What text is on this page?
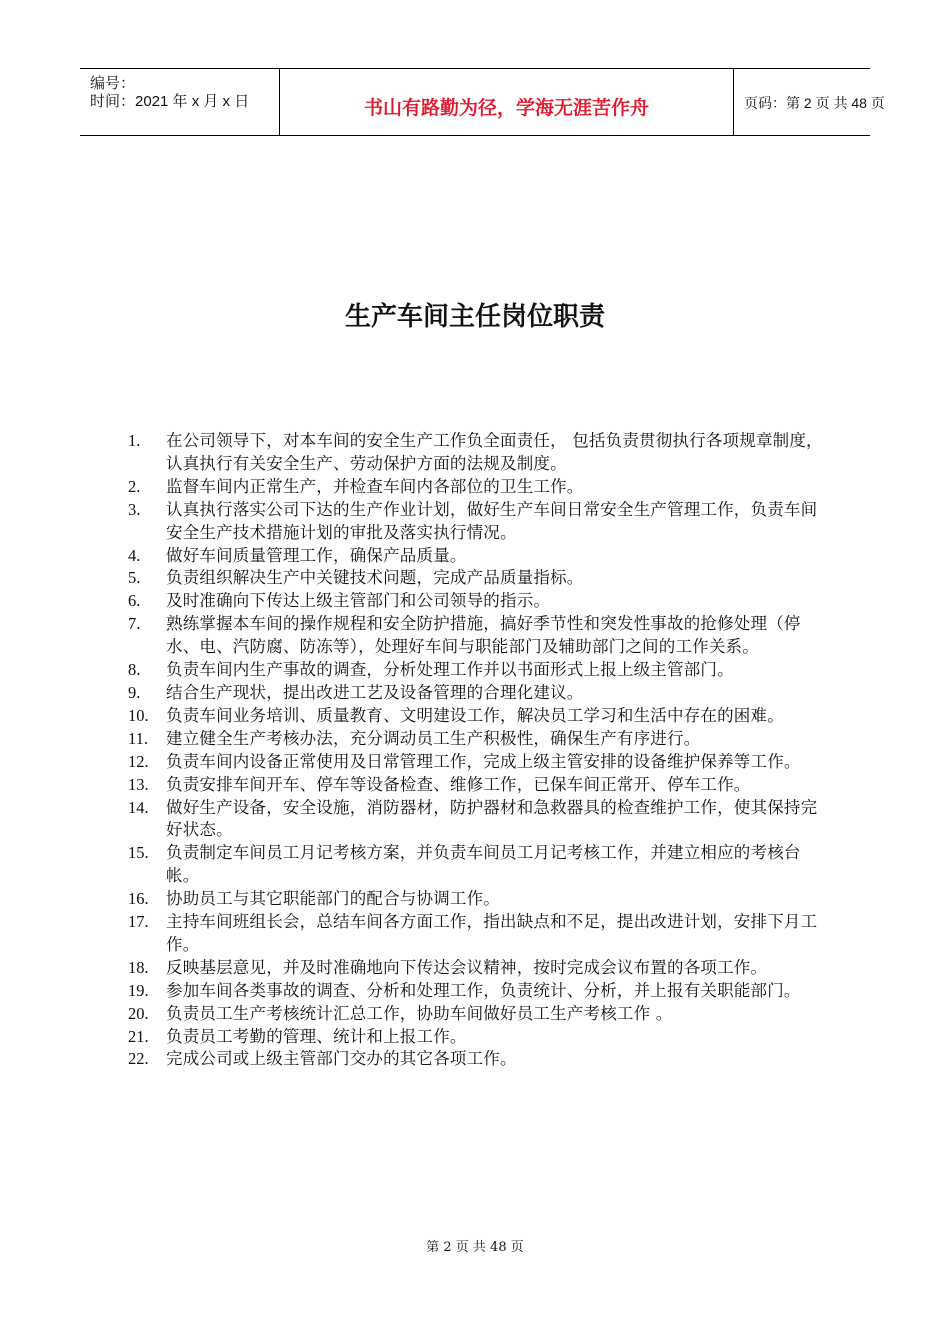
编号：
时间：2021 年 x 月 x 日	书山有路勤为径，学海无涯苦作舟	页码：第 2 页 共 48 页
生产车间主任岗位职责
1.	在公司领导下，对本车间的安全生产工作负全面责任， 包括负责贯彻执行各项规章制度，认真执行有关安全生产、劳动保护方面的法规及制度。
2.	监督车间内正常生产，并检查车间内各部位的卫生工作。
3.	认真执行落实公司下达的生产作业计划，做好生产车间日常安全生产管理工作，负责车间安全生产技术措施计划的审批及落实执行情况。
4.	做好车间质量管理工作，确保产品质量。
5.	负责组织解决生产中关键技术问题，完成产品质量指标。
6.	及时准确向下传达上级主管部门和公司领导的指示。
7.	熟练掌握本车间的操作规程和安全防护措施，搞好季节性和突发性事故的抢修处理（停水、电、汽防腐、防冻等），处理好车间与职能部门及辅助部门之间的工作关系。
8.	负责车间内生产事故的调查，分析处理工作并以书面形式上报上级主管部门。
9.	结合生产现状，提出改进工艺及设备管理的合理化建议。
10.	负责车间业务培训、质量教育、文明建设工作，解决员工学习和生活中存在的困难。
11.	建立健全生产考核办法，充分调动员工生产积极性，确保生产有序进行。
12.	负责车间内设备正常使用及日常管理工作，完成上级主管安排的设备维护保养等工作。
13.	负责安排车间开车、停车等设备检查、维修工作，已保车间正常开、停车工作。
14.	做好生产设备，安全设施，消防器材，防护器材和急救器具的检查维护工作，使其保持完好状态。
15.	负责制定车间员工月记考核方案，并负责车间员工月记考核工作，并建立相应的考核台帐。
16.	协助员工与其它职能部门的配合与协调工作。
17.	主持车间班组长会，总结车间各方面工作，指出缺点和不足，提出改进计划，安排下月工作。
18.	反映基层意见，并及时准确地向下传达会议精神，按时完成会议布置的各项工作。
19.	参加车间各类事故的调查、分析和处理工作，负责统计、分析，并上报有关职能部门。
20.	负责员工生产考核统计汇总工作，协助车间做好员工生产考核工作 。
21.	负责员工考勤的管理、统计和上报工作。
22.	完成公司或上级主管部门交办的其它各项工作。
第 2 页 共 48 页
